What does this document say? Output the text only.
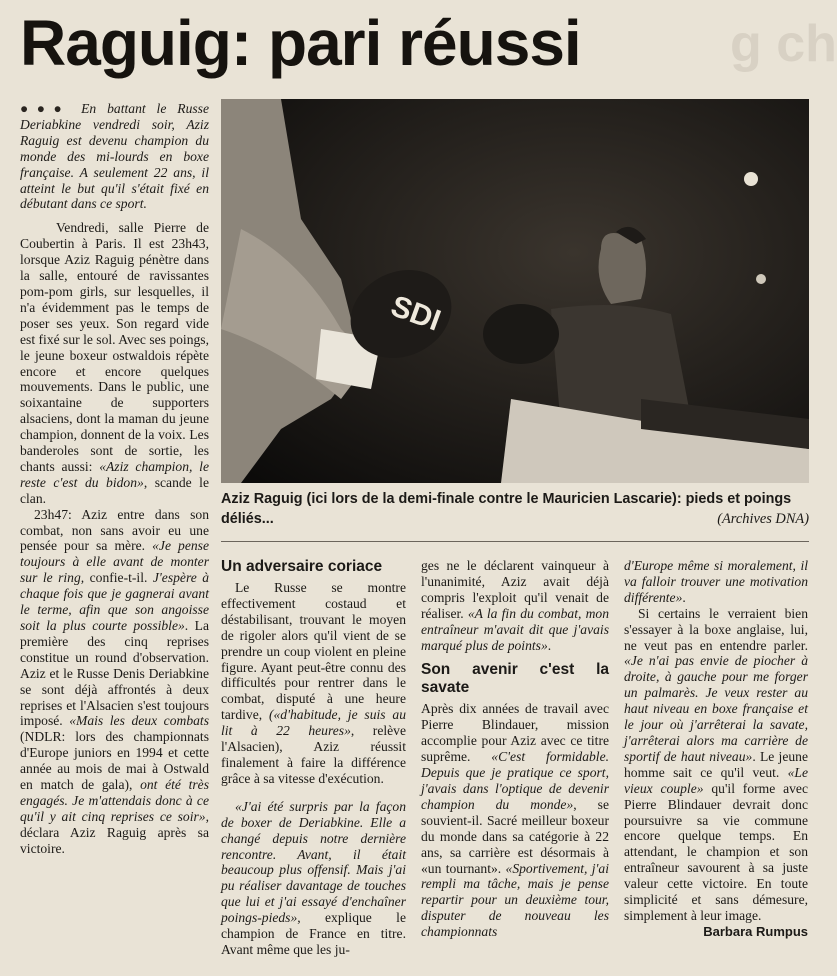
g ch
Raguig: pari réussi

●●● En battant le Russe Deriabkine vendredi soir, Aziz Raguig est devenu champion du monde des mi-lourds en boxe française. A seulement 22 ans, il atteint le but qu'il s'était fixé en débutant dans ce sport.

Vendredi, salle Pierre de Coubertin à Paris. Il est 23h43, lorsque Aziz Raguig pénètre dans la salle, entouré de ravissantes pom-pom girls, sur lesquelles, il n'a évidemment pas le temps de poser ses yeux. Son regard vide est fixé sur le sol. Avec ses poings, le jeune boxeur ostwaldois répète encore et encore quelques mouvements. Dans le public, une soixantaine de supporters alsaciens, dont la maman du jeune champion, donnent de la voix. Les banderoles sont de sortie, les chants aussi: «Aziz champion, le reste c'est du bidon», scande le clan.

23h47: Aziz entre dans son combat, non sans avoir eu une pensée pour sa mère. «Je pense toujours à elle avant de monter sur le ring, confie-t-il. J'espère à chaque fois que je gagnerai avant le terme, afin que son angoisse soit la plus courte possible». La première des cinq reprises constitue un round d'observation. Aziz et le Russe Denis Deriabkine se sont déjà affrontés à deux reprises et l'Alsacien s'est toujours imposé. «Mais les deux combats (NDLR: lors des championnats d'Europe juniors en 1994 et cette année au mois de mai à Ostwald en match de gala), ont été très engagés. Je m'attendais donc à ce qu'il y ait cinq reprises ce soir», déclara Aziz Raguig après sa victoire.

SDI
Aziz Raguig (ici lors de la demi-finale contre le Mauricien Lascarie): pieds et poings déliés...	(Archives DNA)

Un adversaire coriace

Le Russe se montre effectivement costaud et déstabilisant, trouvant le moyen de rigoler alors qu'il vient de se prendre un coup violent en pleine figure. Ayant peut-être connu des difficultés pour rentrer dans le combat, disputé à une heure tardive, («d'habitude, je suis au lit à 22 heures», relève l'Alsacien), Aziz réussit finalement à faire la différence grâce à sa vitesse d'exécution.

«J'ai été surpris par la façon de boxer de Deriabkine. Elle a changé depuis notre dernière rencontre. Avant, il était beaucoup plus offensif. Mais j'ai pu réaliser davantage de touches que lui et j'ai essayé d'enchaîner poings-pieds», explique le champion de France en titre. Avant même que les ju-

ges ne le déclarent vainqueur à l'unanimité, Aziz avait déjà compris l'exploit qu'il venait de réaliser. «A la fin du combat, mon entraîneur m'avait dit que j'avais marqué plus de points».

Son avenir c'est la savate

Après dix années de travail avec Pierre Blindauer, mission accomplie pour Aziz avec ce titre suprême. «C'est formidable. Depuis que je pratique ce sport, j'avais dans l'optique de devenir champion du monde», se souvient-il. Sacré meilleur boxeur du monde dans sa catégorie à 22 ans, sa carrière est désormais à «un tournant». «Sportivement, j'ai rempli ma tâche, mais je pense repartir pour un deuxième tour, disputer de nouveau les championnats

d'Europe même si moralement, il va falloir trouver une motivation différente».

Si certains le verraient bien s'essayer à la boxe anglaise, lui, ne veut pas en entendre parler. «Je n'ai pas envie de piocher à droite, à gauche pour me forger un palmarès. Je veux rester au haut niveau en boxe française et le jour où j'arrêterai la savate, j'arrêterai alors ma carrière de sportif de haut niveau». Le jeune homme sait ce qu'il veut. «Le vieux couple» qu'il forme avec Pierre Blindauer devrait donc poursuivre sa vie commune encore quelque temps. En attendant, le champion et son entraîneur savourent à sa juste valeur cette victoire. En toute simplicité et sans démesure, simplement à leur image.

Barbara Rumpus
